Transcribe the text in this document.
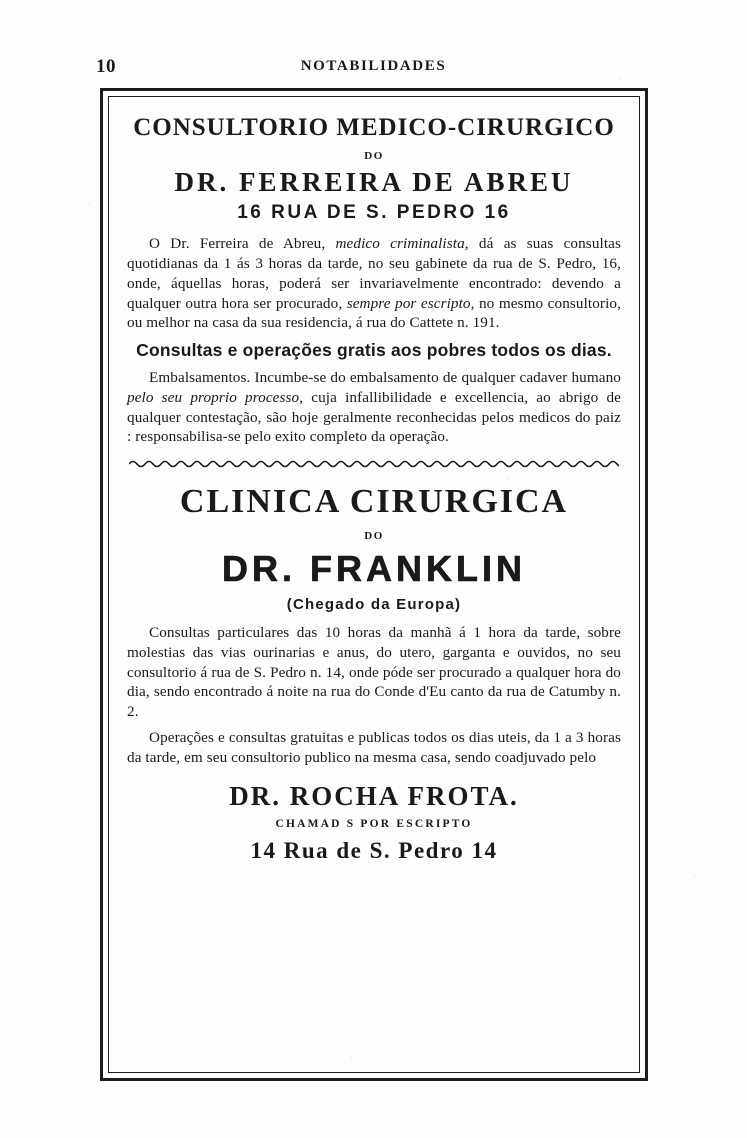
10	NOTABILIDADES
CONSULTORIO MEDICO-CIRURGICO
DO
DR. FERREIRA DE ABREU
16 RUA DE S. PEDRO 16

O Dr. Ferreira de Abreu, medico criminalista, dá as suas consultas quotidianas da 1 ás 3 horas da tarde, no seu gabinete da rua de S. Pedro, 16, onde, áquellas horas, poderá ser invariavelmente encontrado: devendo a qualquer outra hora ser procurado, sempre por escripto, no mesmo consultorio, ou melhor na casa da sua residencia, á rua do Cattete n. 191.

Consultas e operações gratis aos pobres todos os dias.

Embalsamentos. Incumbe-se do embalsamento de qualquer cadaver humano pelo seu proprio processo, cuja infallibilidade e excellencia, ao abrigo de qualquer contestação, são hoje geralmente reconhecidas pelos medicos do paiz : responsabilisa-se pelo exito completo da operação.

CLINICA CIRURGICA
DO
DR. FRANKLIN
(Chegado da Europa)

Consultas particulares das 10 horas da manhã á 1 hora da tarde, sobre molestias das vias ourinarias e anus, do utero, garganta e ouvidos, no seu consultorio á rua de S. Pedro n. 14, onde póde ser procurado a qualquer hora do dia, sendo encontrado á noite na rua do Conde d'Eu canto da rua de Catumby n. 2.

Operações e consultas gratuitas e publicas todos os dias uteis, da 1 a 3 horas da tarde, em seu consultorio publico na mesma casa, sendo coadjuvado pelo

DR. ROCHA FROTA.
CHAMAD S POR ESCRIPTO
14 Rua de S. Pedro 14
